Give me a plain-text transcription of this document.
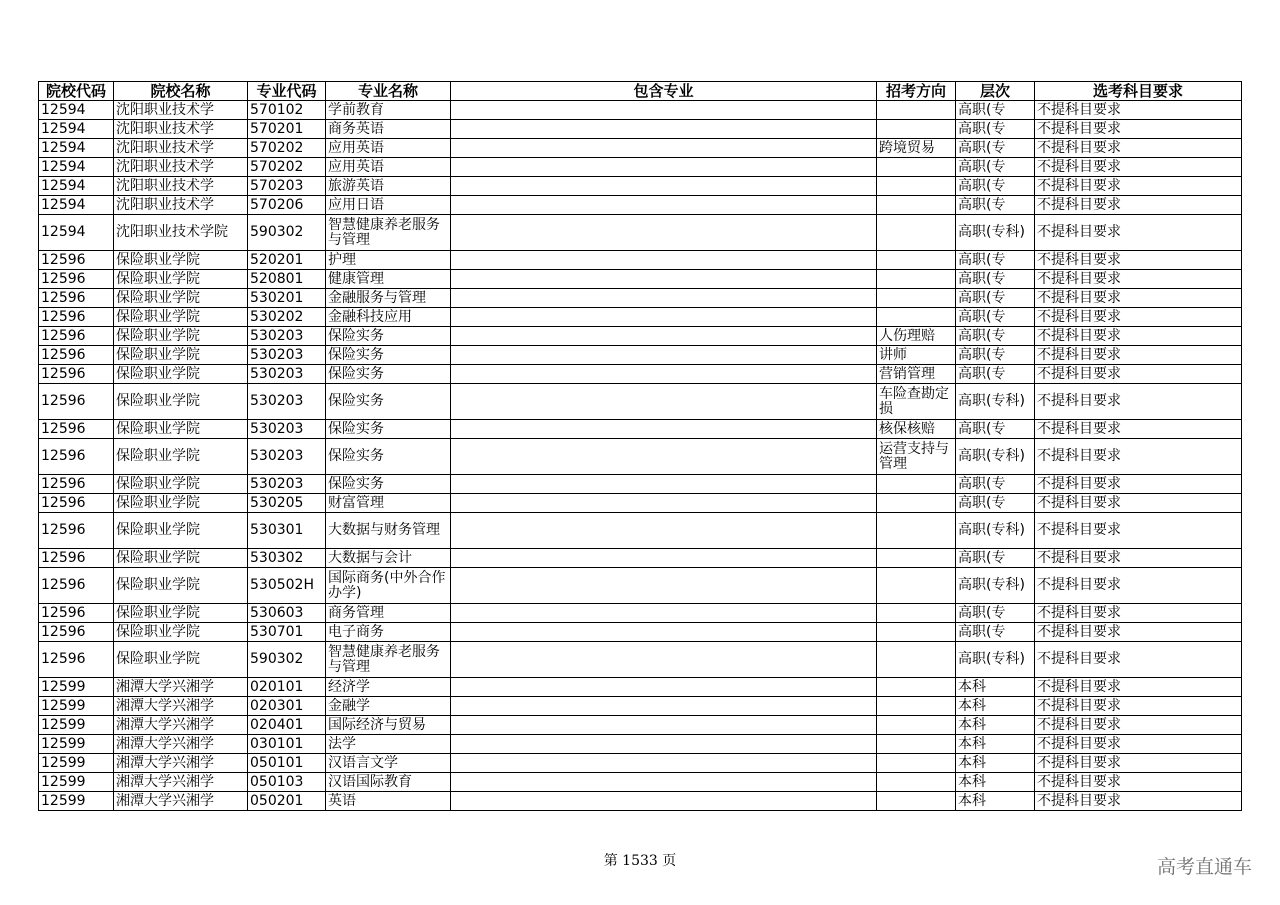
院校代码	院校名称	专业代码	专业名称	包含专业	招考方向	层次	选考科目要求
12594	沈阳职业技术学	570102	学前教育			高职(专	不提科目要求
12594	沈阳职业技术学	570201	商务英语			高职(专	不提科目要求
12594	沈阳职业技术学	570202	应用英语		跨境贸易	高职(专	不提科目要求
12594	沈阳职业技术学	570202	应用英语			高职(专	不提科目要求
12594	沈阳职业技术学	570203	旅游英语			高职(专	不提科目要求
12594	沈阳职业技术学	570206	应用日语			高职(专	不提科目要求
12594	沈阳职业技术学院	590302	智慧健康养老服务与管理			高职(专科)	不提科目要求
12596	保险职业学院	520201	护理			高职(专	不提科目要求
12596	保险职业学院	520801	健康管理			高职(专	不提科目要求
12596	保险职业学院	530201	金融服务与管理			高职(专	不提科目要求
12596	保险职业学院	530202	金融科技应用			高职(专	不提科目要求
12596	保险职业学院	530203	保险实务		人伤理赔	高职(专	不提科目要求
12596	保险职业学院	530203	保险实务		讲师	高职(专	不提科目要求
12596	保险职业学院	530203	保险实务		营销管理	高职(专	不提科目要求
12596	保险职业学院	530203	保险实务		车险查勘定损	高职(专科)	不提科目要求
12596	保险职业学院	530203	保险实务		核保核赔	高职(专	不提科目要求
12596	保险职业学院	530203	保险实务		运营支持与管理	高职(专科)	不提科目要求
12596	保险职业学院	530203	保险实务			高职(专	不提科目要求
12596	保险职业学院	530205	财富管理			高职(专	不提科目要求
12596	保险职业学院	530301	大数据与财务管理			高职(专科)	不提科目要求
12596	保险职业学院	530302	大数据与会计			高职(专	不提科目要求
12596	保险职业学院	530502H	国际商务(中外合作办学)			高职(专科)	不提科目要求
12596	保险职业学院	530603	商务管理			高职(专	不提科目要求
12596	保险职业学院	530701	电子商务			高职(专	不提科目要求
12596	保险职业学院	590302	智慧健康养老服务与管理			高职(专科)	不提科目要求
12599	湘潭大学兴湘学	020101	经济学			本科	不提科目要求
12599	湘潭大学兴湘学	020301	金融学			本科	不提科目要求
12599	湘潭大学兴湘学	020401	国际经济与贸易			本科	不提科目要求
12599	湘潭大学兴湘学	030101	法学			本科	不提科目要求
12599	湘潭大学兴湘学	050101	汉语言文学			本科	不提科目要求
12599	湘潭大学兴湘学	050103	汉语国际教育			本科	不提科目要求
12599	湘潭大学兴湘学	050201	英语			本科	不提科目要求
第 1533 页	高考直通车
